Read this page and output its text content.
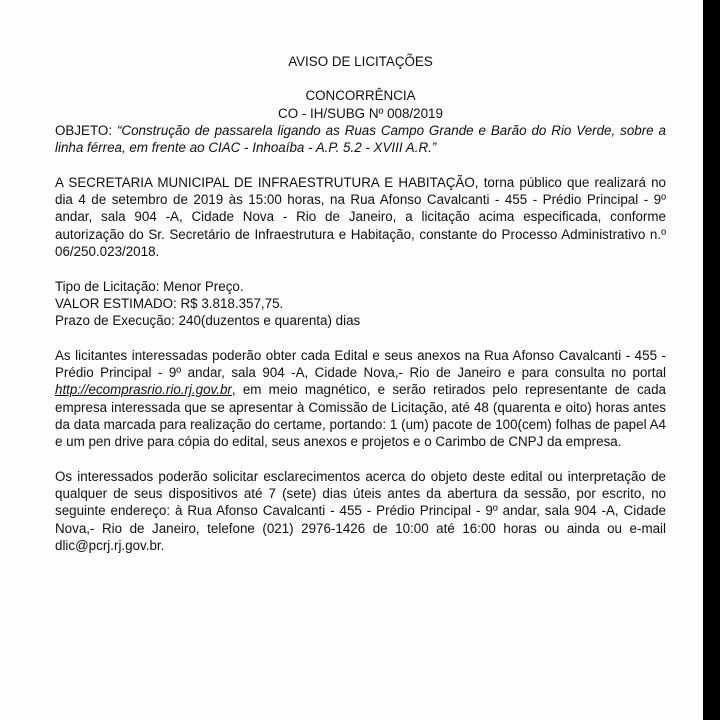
AVISO DE LICITAÇÕES

CONCORRÊNCIA

CO - IH/SUBG Nº 008/2019

OBJETO: “Construção de passarela ligando as Ruas Campo Grande e Barão do Rio Verde, sobre a linha férrea, em frente ao CIAC - Inhoaíba - A.P. 5.2 - XVIII A.R.”

A SECRETARIA MUNICIPAL DE INFRAESTRUTURA E HABITAÇÃO, torna público que realizará no dia 4 de setembro de 2019 às 15:00 horas, na Rua Afonso Cavalcanti - 455 - Prédio Principal - 9º andar, sala 904 -A, Cidade Nova - Rio de Janeiro, a licitação acima especificada, conforme autorização do Sr. Secretário de Infraestrutura e Habitação, constante do Processo Administrativo n.º 06/250.023/2018.

Tipo de Licitação: Menor Preço.

VALOR ESTIMADO: R$ 3.818.357,75.

Prazo de Execução: 240(duzentos e quarenta) dias

As licitantes interessadas poderão obter cada Edital e seus anexos na Rua Afonso Cavalcanti - 455 - Prédio Principal - 9º andar, sala 904 -A, Cidade Nova,- Rio de Janeiro e para consulta no portal http://ecomprasrio.rio.rj.gov.br, em meio magnético, e serão retirados pelo representante de cada empresa interessada que se apresentar à Comissão de Licitação, até 48 (quarenta e oito) horas antes da data marcada para realização do certame, portando: 1 (um) pacote de 100(cem) folhas de papel A4 e um pen drive para cópia do edital, seus anexos e projetos e o Carimbo de CNPJ da empresa.

Os interessados poderão solicitar esclarecimentos acerca do objeto deste edital ou interpretação de qualquer de seus dispositivos até 7 (sete) dias úteis antes da abertura da sessão, por escrito, no seguinte endereço: à Rua Afonso Cavalcanti - 455 - Prédio Principal - 9º andar, sala 904 -A, Cidade Nova,- Rio de Janeiro, telefone (021) 2976-1426 de 10:00 até 16:00 horas ou ainda ou e-mail dlic@pcrj.rj.gov.br.
